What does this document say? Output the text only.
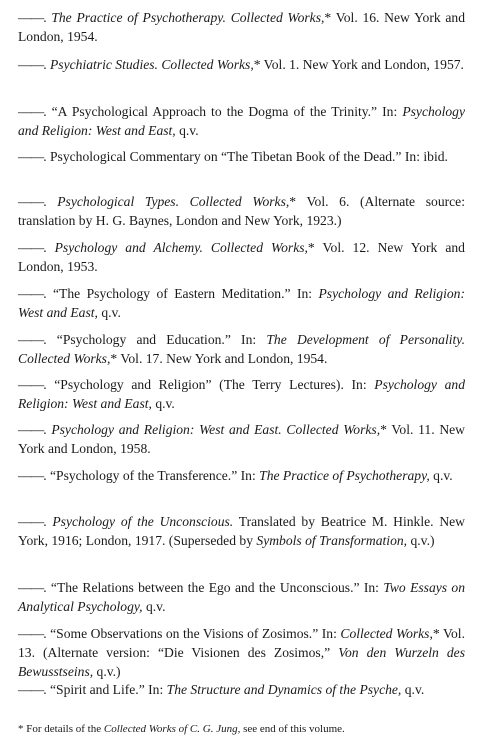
——. The Practice of Psychotherapy. Collected Works,* Vol. 16. New York and London, 1954.

——. Psychiatric Studies. Collected Works,* Vol. 1. New York and London, 1957.

——. “A Psychological Approach to the Dogma of the Trinity.” In: Psychology and Religion: West and East, q.v.

——. Psychological Commentary on “The Tibetan Book of the Dead.” In: ibid.

——. Psychological Types. Collected Works,* Vol. 6. (Alternate source: translation by H. G. Baynes, London and New York, 1923.)

——. Psychology and Alchemy. Collected Works,* Vol. 12. New York and London, 1953.

——. “The Psychology of Eastern Meditation.” In: Psychology and Religion: West and East, q.v.

——. “Psychology and Education.” In: The Development of Personality. Collected Works,* Vol. 17. New York and London, 1954.

——. “Psychology and Religion” (The Terry Lectures). In: Psychology and Religion: West and East, q.v.

——. Psychology and Religion: West and East. Collected Works,* Vol. 11. New York and London, 1958.

——. “Psychology of the Transference.” In: The Practice of Psychotherapy, q.v.

——. Psychology of the Unconscious. Translated by Beatrice M. Hinkle. New York, 1916; London, 1917. (Superseded by Symbols of Transformation, q.v.)

——. “The Relations between the Ego and the Unconscious.” In: Two Essays on Analytical Psychology, q.v.

——. “Some Observations on the Visions of Zosimos.” In: Collected Works,* Vol. 13. (Alternate version: “Die Visionen des Zosimos,” Von den Wurzeln des Bewusstseins, q.v.)

——. “Spirit and Life.” In: The Structure and Dynamics of the Psyche, q.v.

* For details of the Collected Works of C. G. Jung, see end of this volume.
